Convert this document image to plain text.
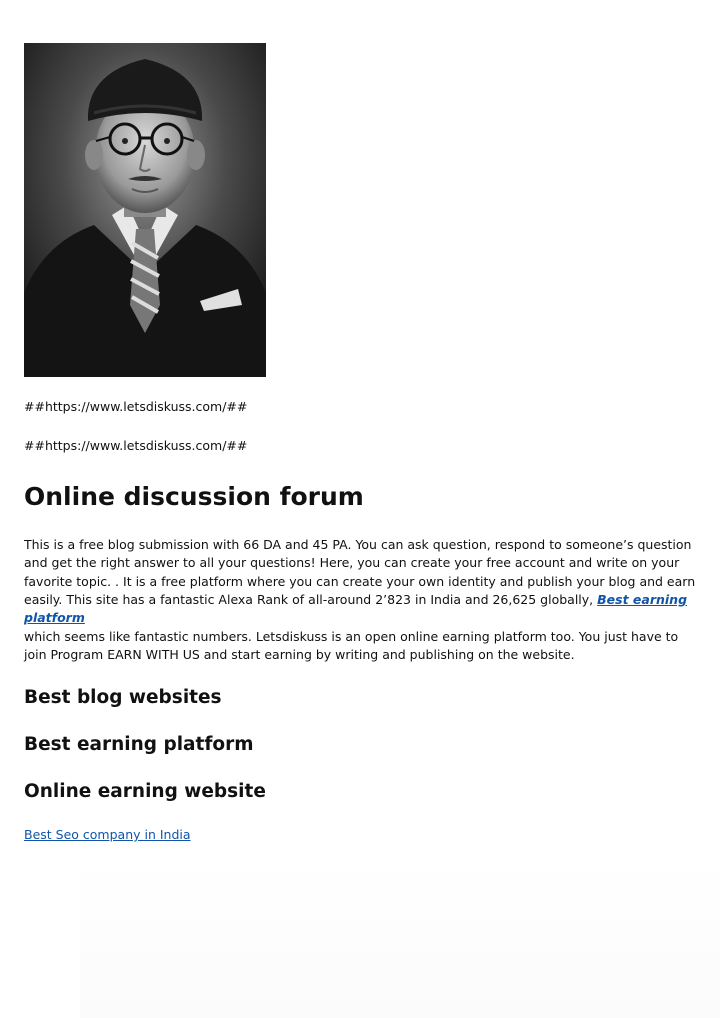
##https://www.letsdiskuss.com/##
##https://www.letsdiskuss.com/##
Online discussion forum

This is a free blog submission with 66 DA and 45 PA. You can ask question, respond to someone’s question and get the right answer to all your questions! Here, you can create your free account and write on your favorite topic. . It is a free platform where you can create your own identity and publish your blog and earn easily. This site has a fantastic Alexa Rank of all-around 2’823 in India and 26,625 globally, Best earning platform

which seems like fantastic numbers. Letsdiskuss is an open online earning platform too. You just have to join Program EARN WITH US and start earning by writing and publishing on the website.

Best blog websites
Best earning platform
Online earning website
Best Seo company in India
